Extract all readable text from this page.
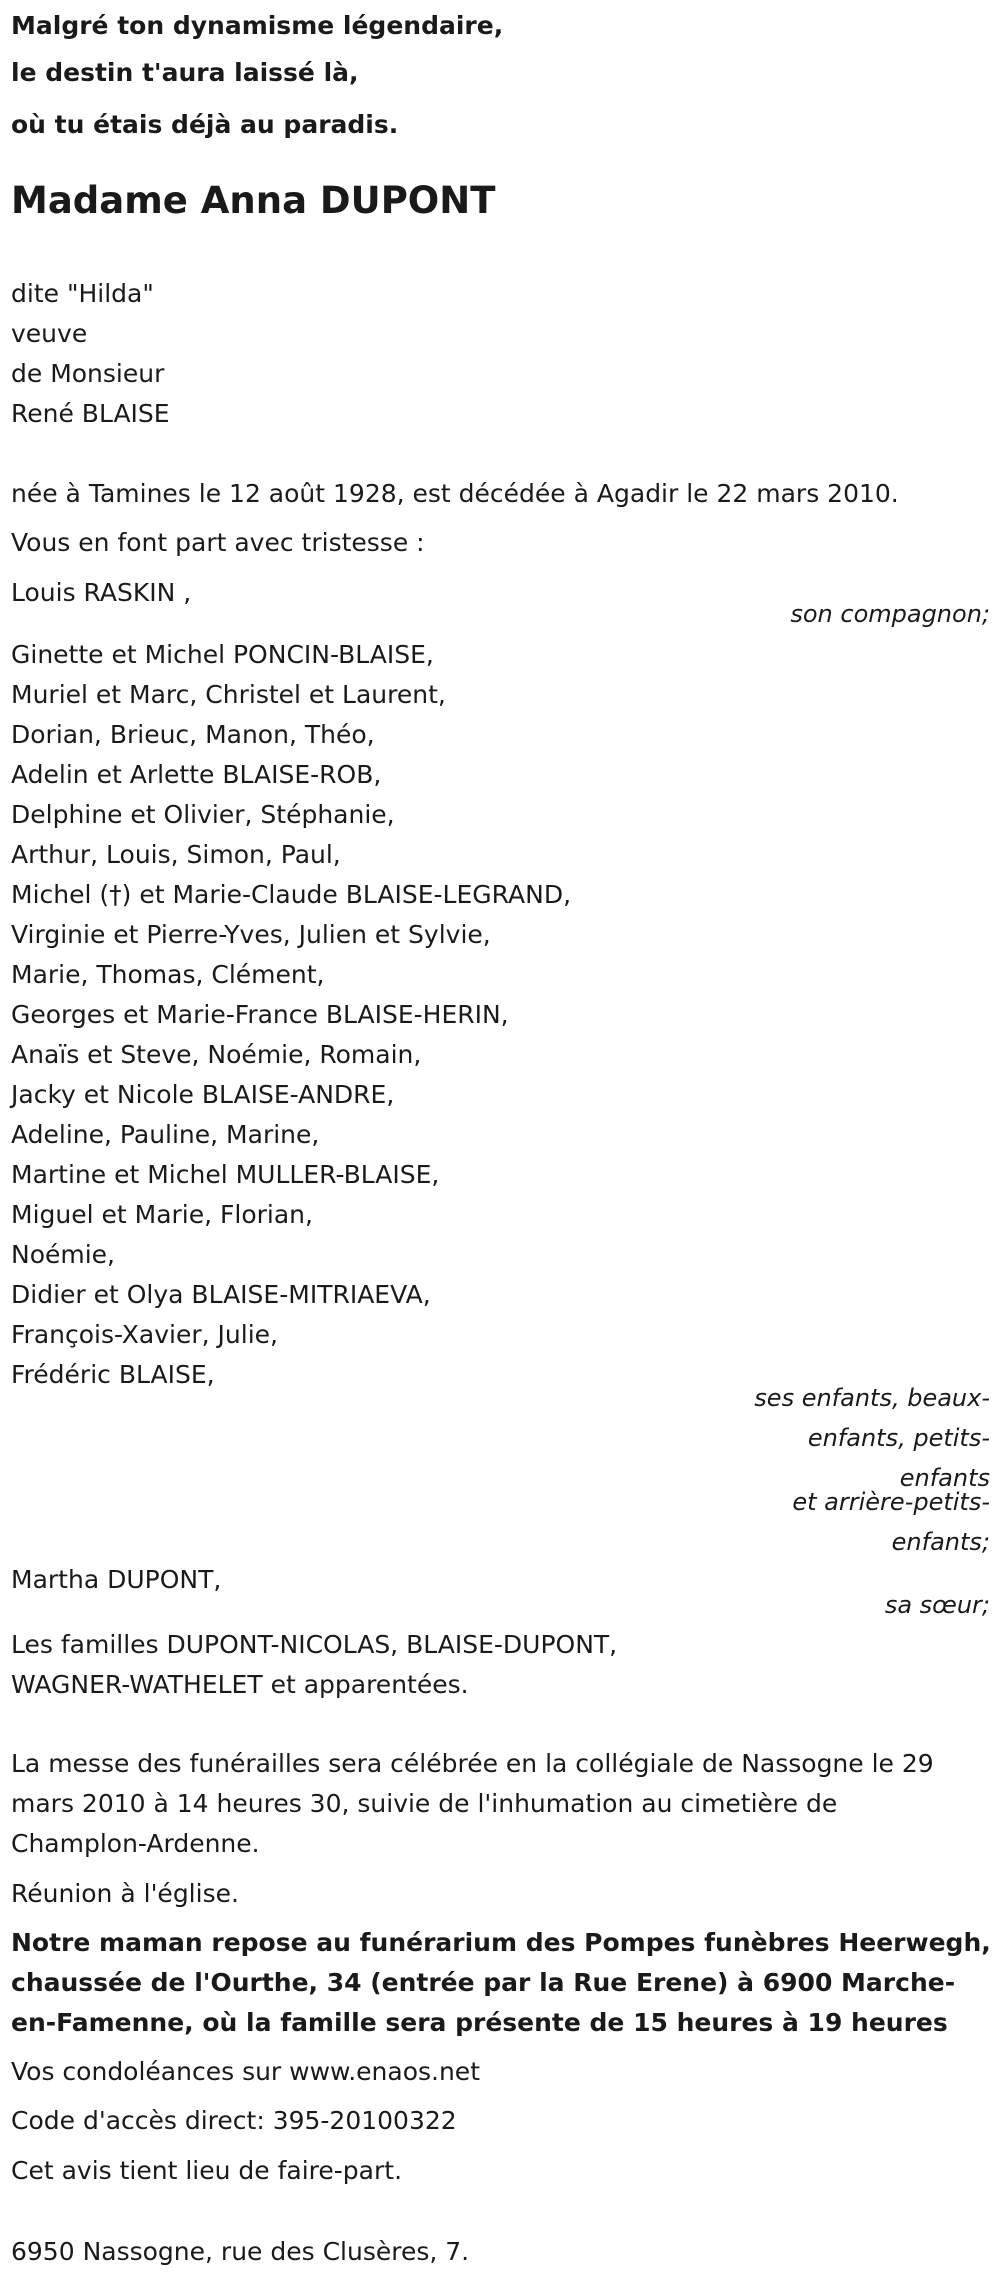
Malgré ton dynamisme légendaire,

le destin t'aura laissé là,

où tu étais déjà au paradis.

Madame Anna DUPONT

dite "Hilda"

veuve

de Monsieur

René BLAISE

née à Tamines le 12 août 1928, est décédée à Agadir le 22 mars 2010.

Vous en font part avec tristesse :

Louis RASKIN ,

son compagnon;

Ginette et Michel PONCIN-BLAISE,

Muriel et Marc, Christel et Laurent,

Dorian, Brieuc, Manon, Théo,

Adelin et Arlette BLAISE-ROB,

Delphine et Olivier, Stéphanie,

Arthur, Louis, Simon, Paul,

Michel (†) et Marie-Claude BLAISE-LEGRAND,

Virginie et Pierre-Yves, Julien et Sylvie,

Marie, Thomas, Clément,

Georges et Marie-France BLAISE-HERIN,

Anaïs et Steve, Noémie, Romain,

Jacky et Nicole BLAISE-ANDRE,

Adeline, Pauline, Marine,

Martine et Michel MULLER-BLAISE,

Miguel et Marie, Florian,

Noémie,

Didier et Olya BLAISE-MITRIAEVA,

François-Xavier, Julie,

Frédéric BLAISE,

ses enfants, beaux-

enfants, petits-

enfants

et arrière-petits-

enfants;

Martha DUPONT,

sa sœur;

Les familles DUPONT-NICOLAS, BLAISE-DUPONT,

WAGNER-WATHELET et apparentées.

La messe des funérailles sera célébrée en la collégiale de Nassogne le 29

mars 2010 à 14 heures 30, suivie de l'inhumation au cimetière de

Champlon-Ardenne.

Réunion à l'église.

Notre maman repose au funérarium des Pompes funèbres Heerwegh,

chaussée de l'Ourthe, 34 (entrée par la Rue Erene) à 6900 Marche-

en-Famenne, où la famille sera présente de 15 heures à 19 heures

Vos condoléances sur www.enaos.net

Code d'accès direct: 395-20100322

Cet avis tient lieu de faire-part.

6950 Nassogne, rue des Clusères, 7.
